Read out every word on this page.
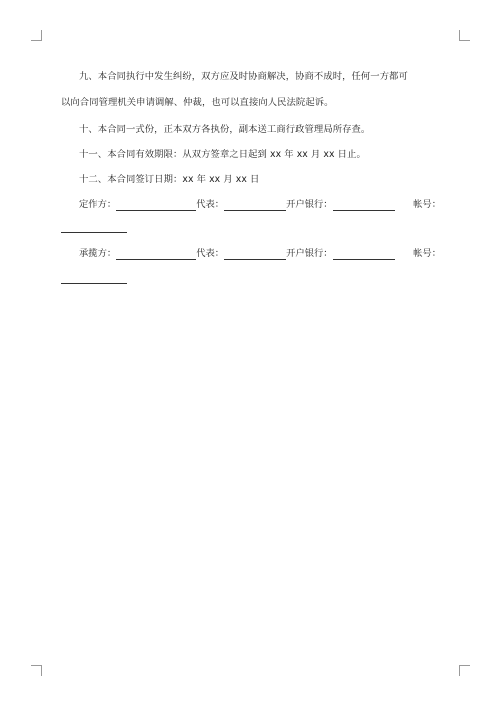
九、本合同执行中发生纠纷，双方应及时协商解决，协商不成时，任何一方都可
以向合同管理机关申请调解、仲裁，也可以直接向人民法院起诉。
十、本合同一式份，正本双方各执份，副本送工商行政管理局所存查。
十一、本合同有效期限：从双方签章之日起到 xx 年 xx 月 xx 日止。
十二、本合同签订日期：xx 年 xx 月 xx 日
定作方：	代表：	开户银行：	帐号：
承揽方：	代表：	开户银行：	帐号：
